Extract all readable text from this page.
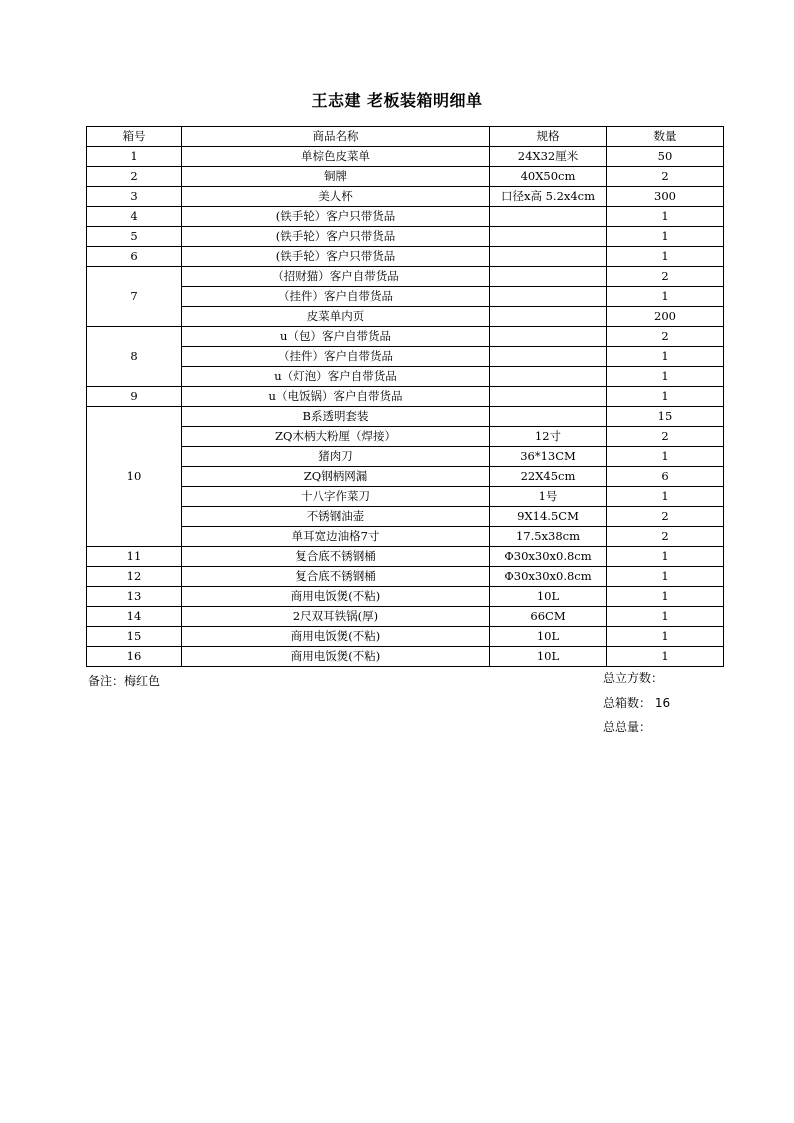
王志建 老板装箱明细单
箱号	商品名称	规格	数量
1	单棕色皮菜单	24X32厘米	50
2	铜牌	40X50cm	2
3	美人杯	口径x高 5.2x4cm	300
4	(铁手轮）客户只带货品		1
5	(铁手轮）客户只带货品		1
6	(铁手轮）客户只带货品		1
7	（招财猫）客户自带货品		2
	（挂件）客户自带货品		1
	皮菜单内页		200
8	u（包）客户自带货品		2
	（挂件）客户自带货品		1
	u（灯泡）客户自带货品		1
9	u（电饭锅）客户自带货品		1
10	B系透明套装		15
	ZQ木柄大粉厘（焊接）	12寸	2
	猪肉刀	36*13CM	1
	ZQ钢柄网漏	22X45cm	6
	十八字作菜刀	1号	1
	不锈钢油壶	9X14.5CM	2
	单耳宽边油格7寸	17.5x38cm	2
11	复合底不锈钢桶	Φ30x30x0.8cm	1
12	复合底不锈钢桶	Φ30x30x0.8cm	1
13	商用电饭煲(不粘)	10L	1
14	2尺双耳铁锅(厚)	66CM	1
15	商用电饭煲(不粘)	10L	1
16	商用电饭煲(不粘)	10L	1
备注：梅红色	总立方数：
总箱数： 16
总总量：
